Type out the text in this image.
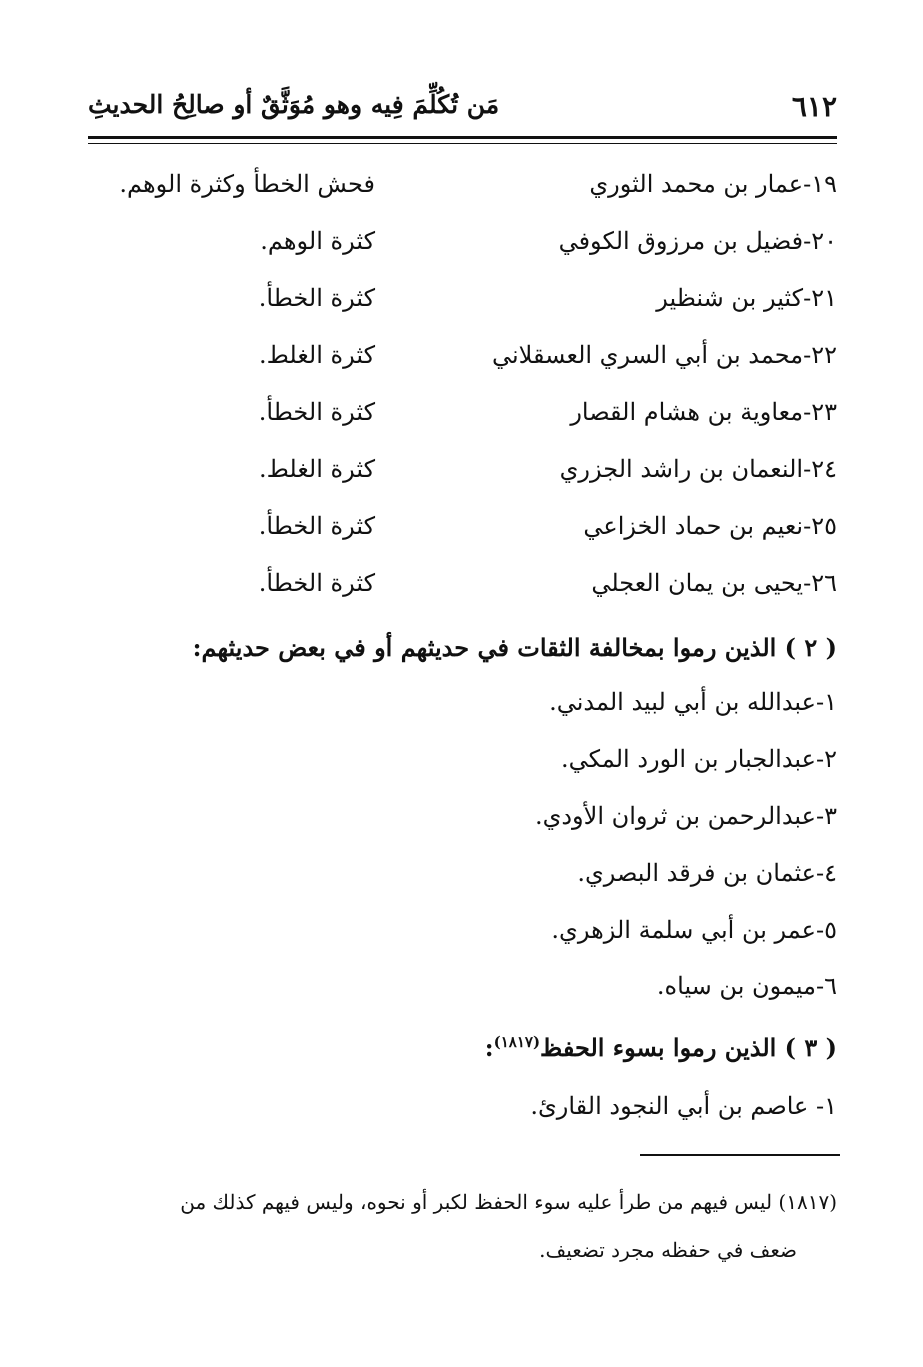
٦١٢
مَن تُكُلِّمَ فِيه وهو مُوَثَّقٌ أو صالِحُ الحديثِ
١٩-عمار بن محمد الثوري
فحش الخطأ وكثرة الوهم.
٢٠-فضيل بن مرزوق الكوفي
كثرة الوهم.
٢١-كثير بن شنظير
كثرة الخطأ.
٢٢-محمد بن أبي السري العسقلاني
كثرة الغلط.
٢٣-معاوية بن هشام القصار
كثرة الخطأ.
٢٤-النعمان بن راشد الجزري
كثرة الغلط.
٢٥-نعيم بن حماد الخزاعي
كثرة الخطأ.
٢٦-يحيى بن يمان العجلي
كثرة الخطأ.
( ٢ ) الذين رموا بمخالفة الثقات في حديثهم أو في بعض حديثهم:
١-عبدالله بن أبي لبيد المدني.
٢-عبدالجبار بن الورد المكي.
٣-عبدالرحمن بن ثروان الأودي.
٤-عثمان بن فرقد البصري.
٥-عمر بن أبي سلمة الزهري.
٦-ميمون بن سياه.
( ٣ ) الذين رموا بسوء الحفظ$^{(١٨١٧)}$:
١- عاصم بن أبي النجود القارئ.
(١٨١٧) ليس فيهم من طرأ عليه سوء الحفظ لكبر أو نحوه، وليس فيهم كذلك من
ضعف في حفظه مجرد تضعيف.
